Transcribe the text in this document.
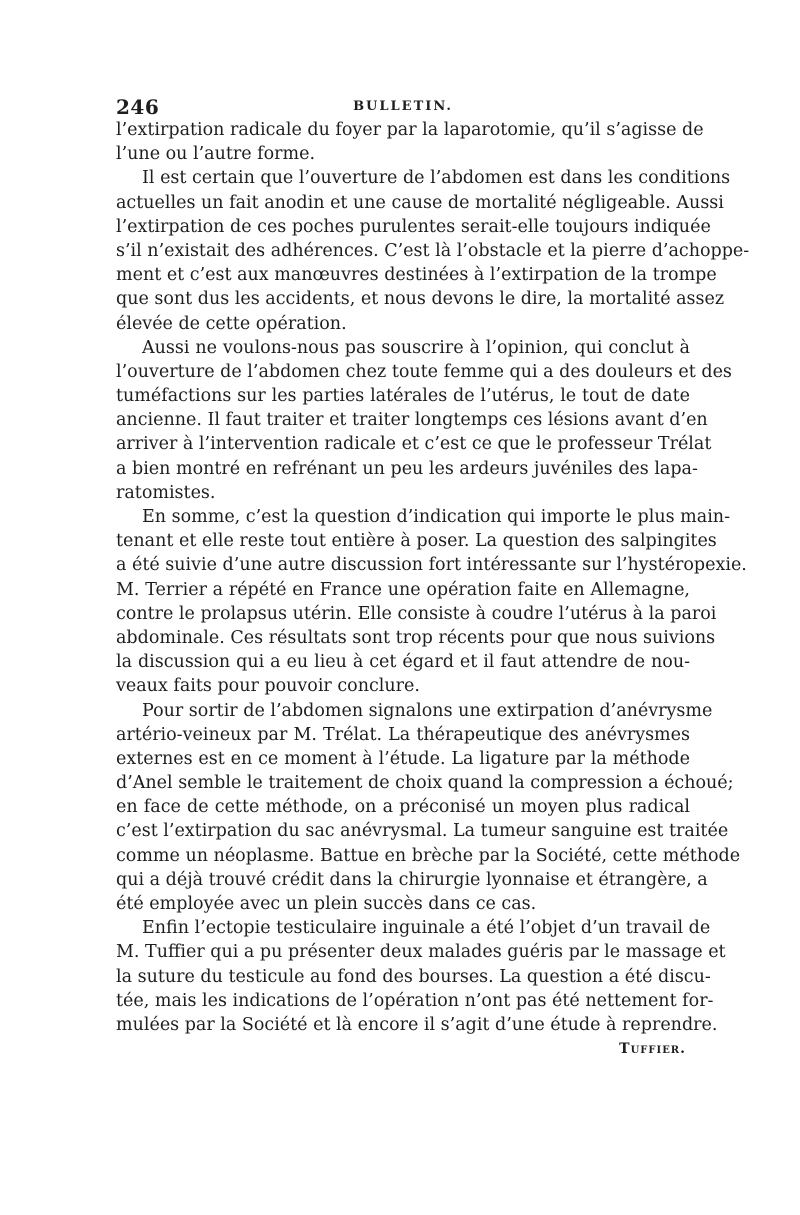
246	BULLETIN.
l’extirpation radicale du foyer par la laparotomie, qu’il s’agisse de
l’une ou l’autre forme.
Il est certain que l’ouverture de l’abdomen est dans les conditions
actuelles un fait anodin et une cause de mortalité négligeable. Aussi
l’extirpation de ces poches purulentes serait-elle toujours indiquée
s’il n’existait des adhérences. C’est là l’obstacle et la pierre d’achoppe-
ment et c’est aux manœuvres destinées à l’extirpation de la trompe
que sont dus les accidents, et nous devons le dire, la mortalité assez
élevée de cette opération.
Aussi ne voulons-nous pas souscrire à l’opinion, qui conclut à
l’ouverture de l’abdomen chez toute femme qui a des douleurs et des
tuméfactions sur les parties latérales de l’utérus, le tout de date
ancienne. Il faut traiter et traiter longtemps ces lésions avant d’en
arriver à l’intervention radicale et c’est ce que le professeur Trélat
a bien montré en refrénant un peu les ardeurs juvéniles des lapa-
ratomistes.
En somme, c’est la question d’indication qui importe le plus main-
tenant et elle reste tout entière à poser. La question des salpingites
a été suivie d’une autre discussion fort intéressante sur l’hystéropexie.
M. Terrier a répété en France une opération faite en Allemagne,
contre le prolapsus utérin. Elle consiste à coudre l’utérus à la paroi
abdominale. Ces résultats sont trop récents pour que nous suivions
la discussion qui a eu lieu à cet égard et il faut attendre de nou-
veaux faits pour pouvoir conclure.
Pour sortir de l’abdomen signalons une extirpation d’anévrysme
artério-veineux par M. Trélat. La thérapeutique des anévrysmes
externes est en ce moment à l’étude. La ligature par la méthode
d’Anel semble le traitement de choix quand la compression a échoué;
en face de cette méthode, on a préconisé un moyen plus radical
c’est l’extirpation du sac anévrysmal. La tumeur sanguine est traitée
comme un néoplasme. Battue en brèche par la Société, cette méthode
qui a déjà trouvé crédit dans la chirurgie lyonnaise et étrangère, a
été employée avec un plein succès dans ce cas.
Enfin l’ectopie testiculaire inguinale a été l’objet d’un travail de
M. Tuffier qui a pu présenter deux malades guéris par le massage et
la suture du testicule au fond des bourses. La question a été discu-
tée, mais les indications de l’opération n’ont pas été nettement for-
mulées par la Société et là encore il s’agit d’une étude à reprendre.
Tuffier.
